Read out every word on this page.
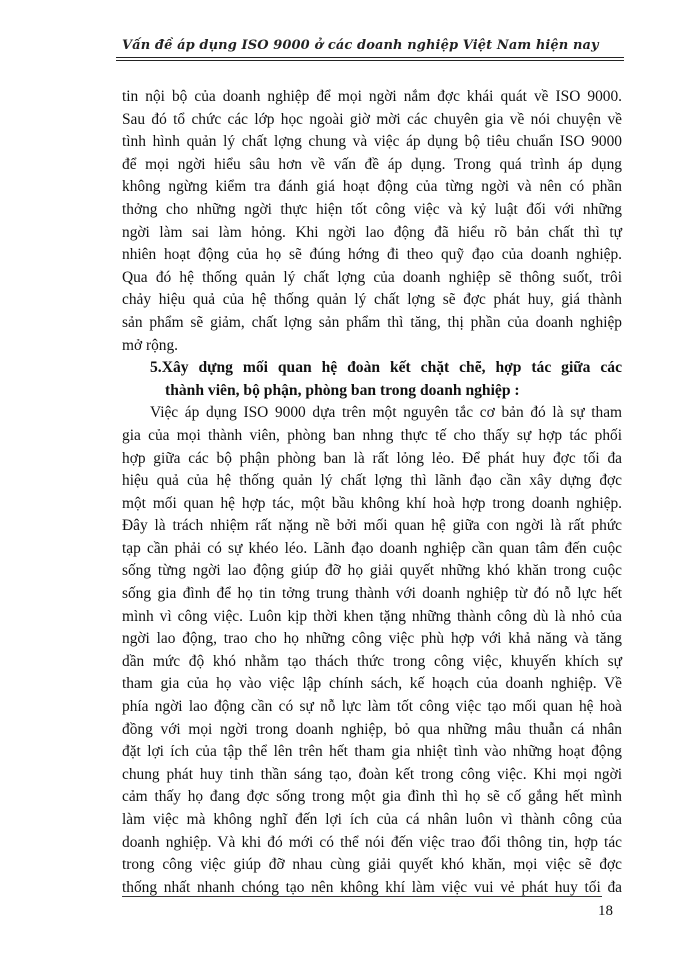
Vấn đề áp dụng ISO 9000 ở các doanh nghiệp Việt Nam hiện nay
tin nội bộ của doanh nghiệp để mọi ngời nắm đợc khái quát về ISO 9000.
Sau đó tổ chức các lớp học ngoài giờ mời các chuyên gia về nói chuyện về
tình hình quản lý chất lợng chung và việc áp dụng bộ tiêu chuẩn ISO 9000
để mọi ngời hiểu sâu hơn về vấn đề áp dụng. Trong quá trình áp dụng
không ngừng kiểm tra đánh giá hoạt động của từng ngời và nên có phần
thởng cho những ngời thực hiện tốt công việc và kỷ luật đối với những
ngời làm sai làm hỏng. Khi ngời lao động đã hiểu rõ bản chất thì tự
nhiên hoạt động của họ sẽ đúng hớng đi theo quỹ đạo của doanh nghiệp.
Qua đó hệ thống quản lý chất lợng của doanh nghiệp sẽ thông suốt, trôi
chảy hiệu quả của hệ thống quản lý chất lợng sẽ đợc phát huy, giá thành
sản phẩm sẽ giảm, chất lợng sản phẩm thì tăng, thị phần của doanh nghiệp
mở rộng.
5.Xây dựng mối quan hệ đoàn kết chặt chẽ, hợp tác giữa các
thành viên, bộ phận, phòng ban trong doanh nghiệp :
Việc áp dụng ISO 9000 dựa trên một nguyên tắc cơ bản đó là sự tham
gia của mọi thành viên, phòng ban nhng thực tế cho thấy sự hợp tác phối
hợp giữa các bộ phận phòng ban là rất lỏng lẻo. Để phát huy đợc tối đa
hiệu quả của hệ thống quản lý chất lợng thì lãnh đạo cần xây dựng đợc
một mối quan hệ hợp tác, một bầu không khí hoà hợp trong doanh nghiệp.
Đây là trách nhiệm rất nặng nề bởi mối quan hệ giữa con ngời là rất phức
tạp cần phải có sự khéo léo. Lãnh đạo doanh nghiệp cần quan tâm đến cuộc
sống từng ngời lao động giúp đỡ họ giải quyết những khó khăn trong cuộc
sống gia đình để họ tin tởng trung thành với doanh nghiệp từ đó nỗ lực hết
mình vì công việc. Luôn kịp thời khen tặng những thành công dù là nhỏ của
ngời lao động, trao cho họ những công việc phù hợp với khả năng và tăng
dần mức độ khó nhằm tạo thách thức trong công việc, khuyến khích sự
tham gia của họ vào việc lập chính sách, kế hoạch của doanh nghiệp. Về
phía ngời lao động cần có sự nỗ lực làm tốt công việc tạo mối quan hệ hoà
đồng với mọi ngời trong doanh nghiệp, bỏ qua những mâu thuẫn cá nhân
đặt lợi ích của tập thể lên trên hết tham gia nhiệt tình vào những hoạt động
chung phát huy tinh thần sáng tạo, đoàn kết trong công việc. Khi mọi ngời
cảm thấy họ đang đợc sống trong một gia đình thì họ sẽ cố gắng hết mình
làm việc mà không nghĩ đến lợi ích của cá nhân luôn vì thành công của
doanh nghiệp. Và khi đó mới có thể nói đến việc trao đổi thông tin, hợp tác
trong công việc giúp đỡ nhau cùng giải quyết khó khăn, mọi việc sẽ đợc
thống nhất nhanh chóng tạo nên không khí làm việc vui vẻ phát huy tối đa
18
